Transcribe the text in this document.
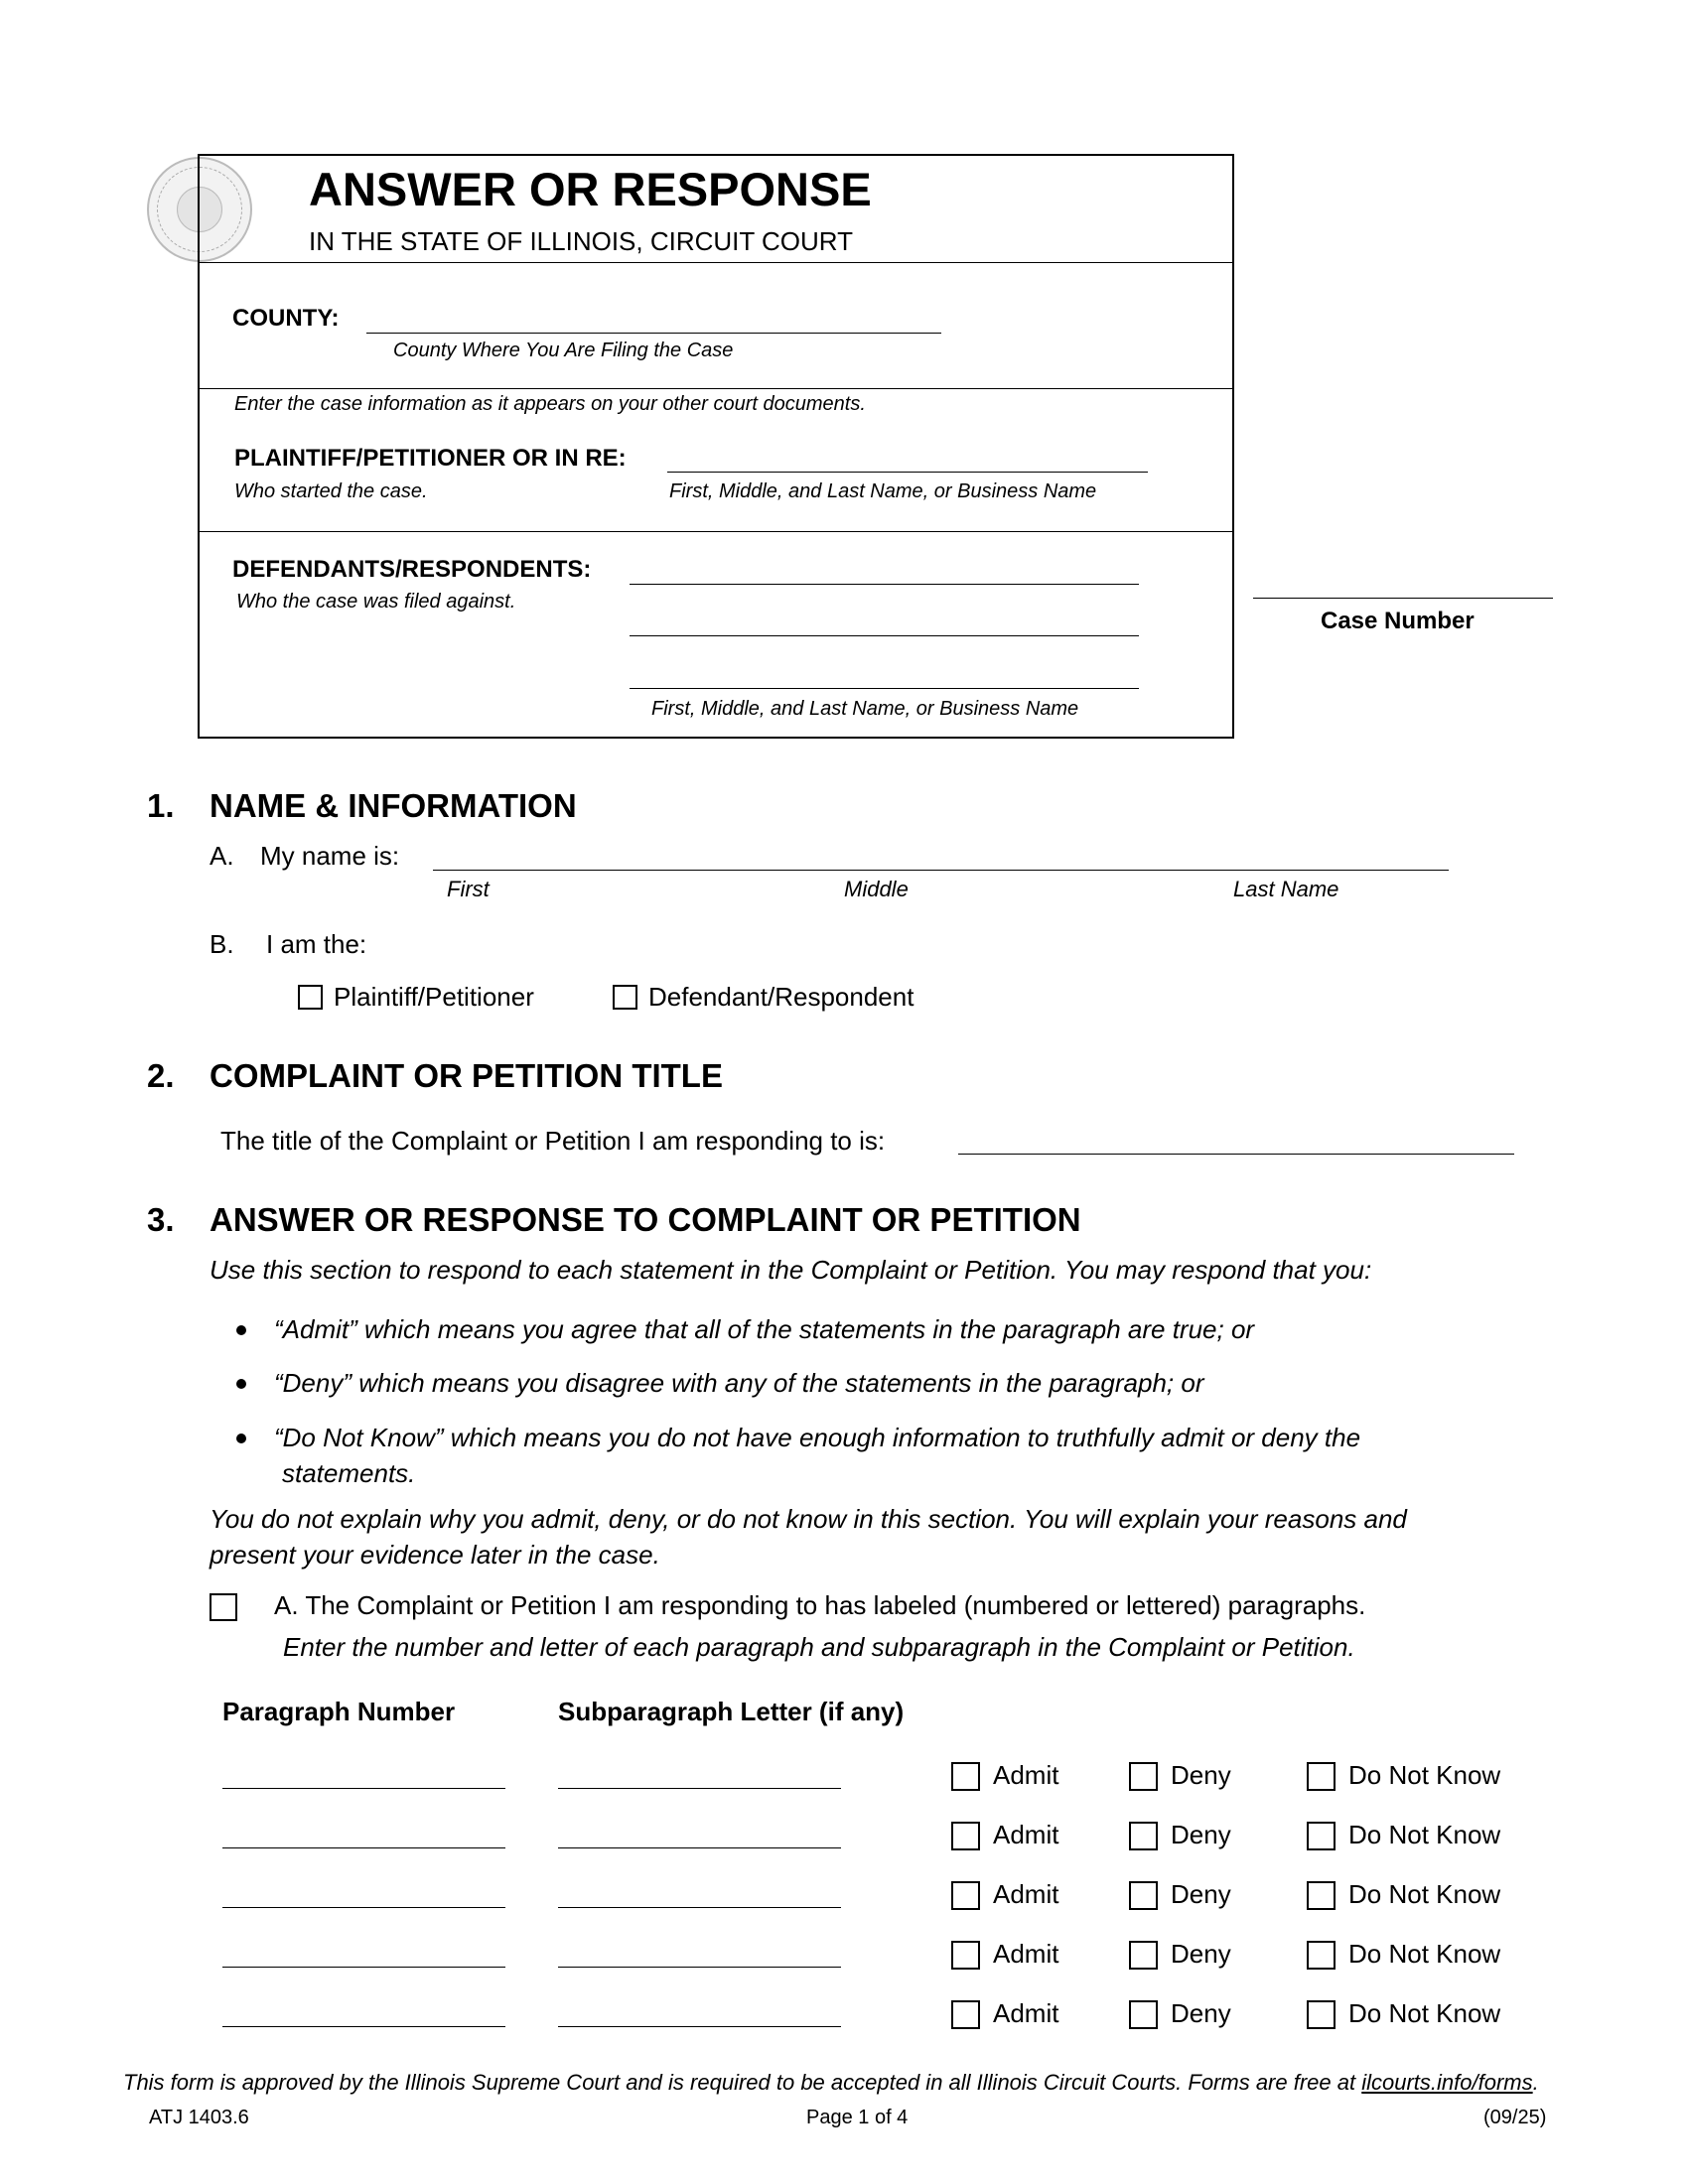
ANSWER OR RESPONSE
IN THE STATE OF ILLINOIS, CIRCUIT COURT
COUNTY:
County Where You Are Filing the Case
Enter the case information as it appears on your other court documents.
PLAINTIFF/PETITIONER OR IN RE:
Who started the case.	First, Middle, and Last Name, or Business Name
DEFENDANTS/RESPONDENTS:
Who the case was filed against.
First, Middle, and Last Name, or Business Name
Case Number
1. NAME & INFORMATION
A. My name is:
First	Middle	Last Name
B. I am the:
Plaintiff/Petitioner	Defendant/Respondent
2. COMPLAINT OR PETITION TITLE
The title of the Complaint or Petition I am responding to is:
3. ANSWER OR RESPONSE TO COMPLAINT OR PETITION
Use this section to respond to each statement in the Complaint or Petition. You may respond that you:
“Admit” which means you agree that all of the statements in the paragraph are true; or
“Deny” which means you disagree with any of the statements in the paragraph; or
“Do Not Know” which means you do not have enough information to truthfully admit or deny the
statements.
You do not explain why you admit, deny, or do not know in this section. You will explain your reasons and
present your evidence later in the case.
A. The Complaint or Petition I am responding to has labeled (numbered or lettered) paragraphs.
Enter the number and letter of each paragraph and subparagraph in the Complaint or Petition.
Paragraph Number	Subparagraph Letter (if any)
Admit	Deny	Do Not Know
Admit	Deny	Do Not Know
Admit	Deny	Do Not Know
Admit	Deny	Do Not Know
Admit	Deny	Do Not Know
This form is approved by the Illinois Supreme Court and is required to be accepted in all Illinois Circuit Courts. Forms are free at ilcourts.info/forms.
ATJ 1403.6	Page 1 of 4	(09/25)
